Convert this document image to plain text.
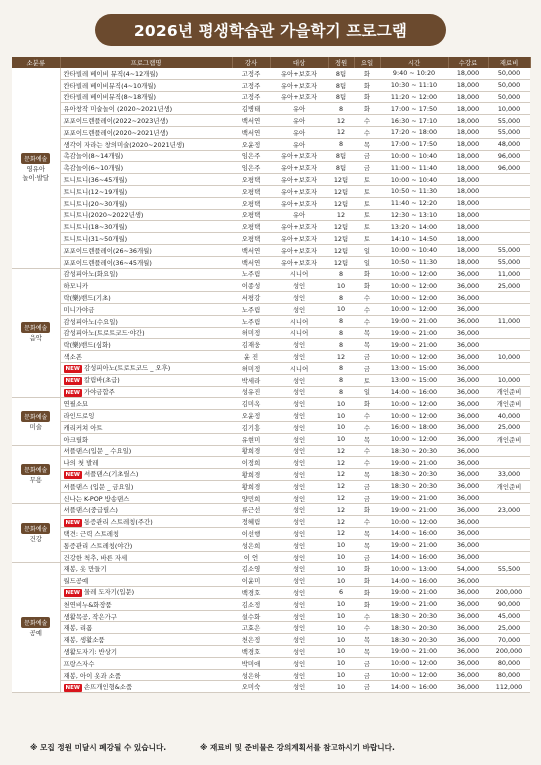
2026년 평생학습관 가을학기 프로그램
소분류	프로그램명	강사	대상	정원	요일	시간	수강료	재료비
문화예술
영유아
놀이·발달	칸타빌레 베이비 뮤직(4~12개월)	고정주	유아+보호자	8팀	화	9:40 ~ 10:20	18,000	50,000
	칸타빌레 베이비뮤직(4~10개월)	고정주	유아+보호자	8팀	화	10:30 ~ 11:10	18,000	50,000
	칸타빌레 베이비뮤직(8~18개월)	고정주	유아+보호자	8팀	화	11:20 ~ 12:00	18,000	50,000
	유아창작 미술놀이 (2020~2021년생)	김병태	유아	8	화	17:00 ~ 17:50	18,000	10,000
	포포이드렌플레이(2022~2023년생)	백서연	유아	12	수	16:30 ~ 17:10	18,000	55,000
	포포이드렌플레이(2020~2021년생)	백서연	유아	12	수	17:20 ~ 18:00	18,000	55,000
	생각이 자라는 창의미술(2020~2021년생)	오윤정	유아	8	목	17:00 ~ 17:50	18,000	48,000
	촉감놀이(8~14개월)	임은주	유아+보호자	8팀	금	10:00 ~ 10:40	18,000	96,000
	촉감놀이(6~10개월)	임은주	유아+보호자	8팀	금	11:00 ~ 11:40	18,000	96,000
	트니트니(36~45개월)	오평택	유아+보호자	12팀	토	10:00 ~ 10:40	18,000	
	트니트니(12~19개월)	오평택	유아+보호자	12팀	토	10:50 ~ 11:30	18,000	
	트니트니(20~30개월)	오평택	유아+보호자	12팀	토	11:40 ~ 12:20	18,000	
	트니트니(2020~2022년생)	오평택	유아	12	토	12:30 ~ 13:10	18,000	
	트니트니(18~30개월)	오평택	유아+보호자	12팀	토	13:20 ~ 14:00	18,000	
	트니트니(31~50개월)	오평택	유아+보호자	12팀	토	14:10 ~ 14:50	18,000	
	포포이드렌플레이(26~36개월)	백서연	유아+보호자	12팀	일	10:00 ~ 10:40	18,000	55,000
	포포이드렌플레이(36~45개월)	백서연	유아+보호자	12팀	일	10:50 ~ 11:30	18,000	55,000
문화예술
음악	감성피아노(화요일)	노주림	시니어	8	화	10:00 ~ 12:00	36,000	11,000
	하모니카	이종성	성인	10	화	10:00 ~ 12:00	36,000	25,000
	락(樂)밴드(기초)	서평강	성인	8	수	10:00 ~ 12:00	36,000	
	미니가야금	노주림	성인	10	수	10:00 ~ 12:00	36,000	
	감성피아노(수요일)	노주림	시니어	8	수	19:00 ~ 21:00	36,000	11,000
	감성피아노(트로트코드·야간)	허미정	시니어	8	목	19:00 ~ 21:00	36,000	
	락(樂)밴드(심화)	김재웅	성인	8	목	19:00 ~ 21:00	36,000	
	색소폰	윤 진	성인	12	금	10:00 ~ 12:00	36,000	10,000
	NEW 감성피아노(트로트코드 _ 오후)	허미정	시니어	8	금	13:00 ~ 15:00	36,000	
	NEW 칼림바(초급)	박세라	성인	8	토	13:00 ~ 15:00	36,000	10,000
	NEW 가야금합주	성유진	성인	8	일	14:00 ~ 16:00	36,000	개인준비
문화예술
미술	연필소묘	김미옥	성인	10	화	10:00 ~ 12:00	36,000	개인준비
	라인드로잉	오윤정	성인	10	수	10:00 ~ 12:00	36,000	40,000
	캐리커쳐 아트	김기흥	성인	10	수	16:00 ~ 18:00	36,000	25,000
	아크릴화	유현미	성인	10	목	10:00 ~ 12:00	36,000	개인준비
문화예술
무용	셔플댄스(입문 _ 수요일)	황희경	성인	12	수	18:30 ~ 20:30	36,000	
	나의 첫 발레	이정희	성인	12	수	19:00 ~ 21:00	36,000	
	NEW 셔플댄스(기초릴스)	황희경	성인	12	목	18:30 ~ 20:30	36,000	33,000
	셔플댄스 (입문 _ 금요일)	황희경	성인	12	금	18:30 ~ 20:30	36,000	개인준비
	신나는 K-POP 방송댄스	양민희	성인	12	금	19:00 ~ 21:00	36,000	
문화예술
건강	셔플댄스(중급릴스)	류근선	성인	12	화	19:00 ~ 21:00	36,000	23,000
	NEW 통증관리 스트레칭(주간)	정혜림	성인	12	수	10:00 ~ 12:00	36,000	
	택견: 근력 스트레칭	이선행	성인	12	목	14:00 ~ 16:00	36,000	
	통증관리 스트레칭(야간)	성은희	성인	10	목	19:00 ~ 21:00	36,000	
	건강한 척추, 바른 자세	이 언	성인	10	금	14:00 ~ 16:00	36,000	
문화예술
공예	재봉, 옷 만들기	김소영	성인	10	화	10:00 ~ 13:00	54,000	55,500
	월드공예	이윤미	성인	10	화	14:00 ~ 16:00	36,000	
	NEW 물레 도자기(입문)	백경호	성인	6	화	19:00 ~ 21:00	36,000	200,000
	천연비누&화장품	김소정	성인	10	화	19:00 ~ 21:00	36,000	90,000
	생활목공, 작은가구	설수화	성인	10	수	18:30 ~ 20:30	36,000	45,000
	재봉, 리폼	고효은	성인	10	수	18:30 ~ 20:30	36,000	25,000
	재봉, 생활소품	천은정	성인	10	목	18:30 ~ 20:30	36,000	70,000
	생활도자기: 반상기	백경호	성인	10	목	19:00 ~ 21:00	36,000	200,000
	프랑스자수	박미애	성인	10	금	10:00 ~ 12:00	36,000	80,000
	재봉, 아이 옷과 소품	성은하	성인	10	금	10:00 ~ 12:00	36,000	80,000
	NEW 손뜨개인형&소품	오미숙	성인	10	금	14:00 ~ 16:00	36,000	112,000
※ 모집 정원 미달시 폐강될 수 있습니다.	※ 재료비 및 준비물은 강의계획서를 참고하시기 바랍니다.
